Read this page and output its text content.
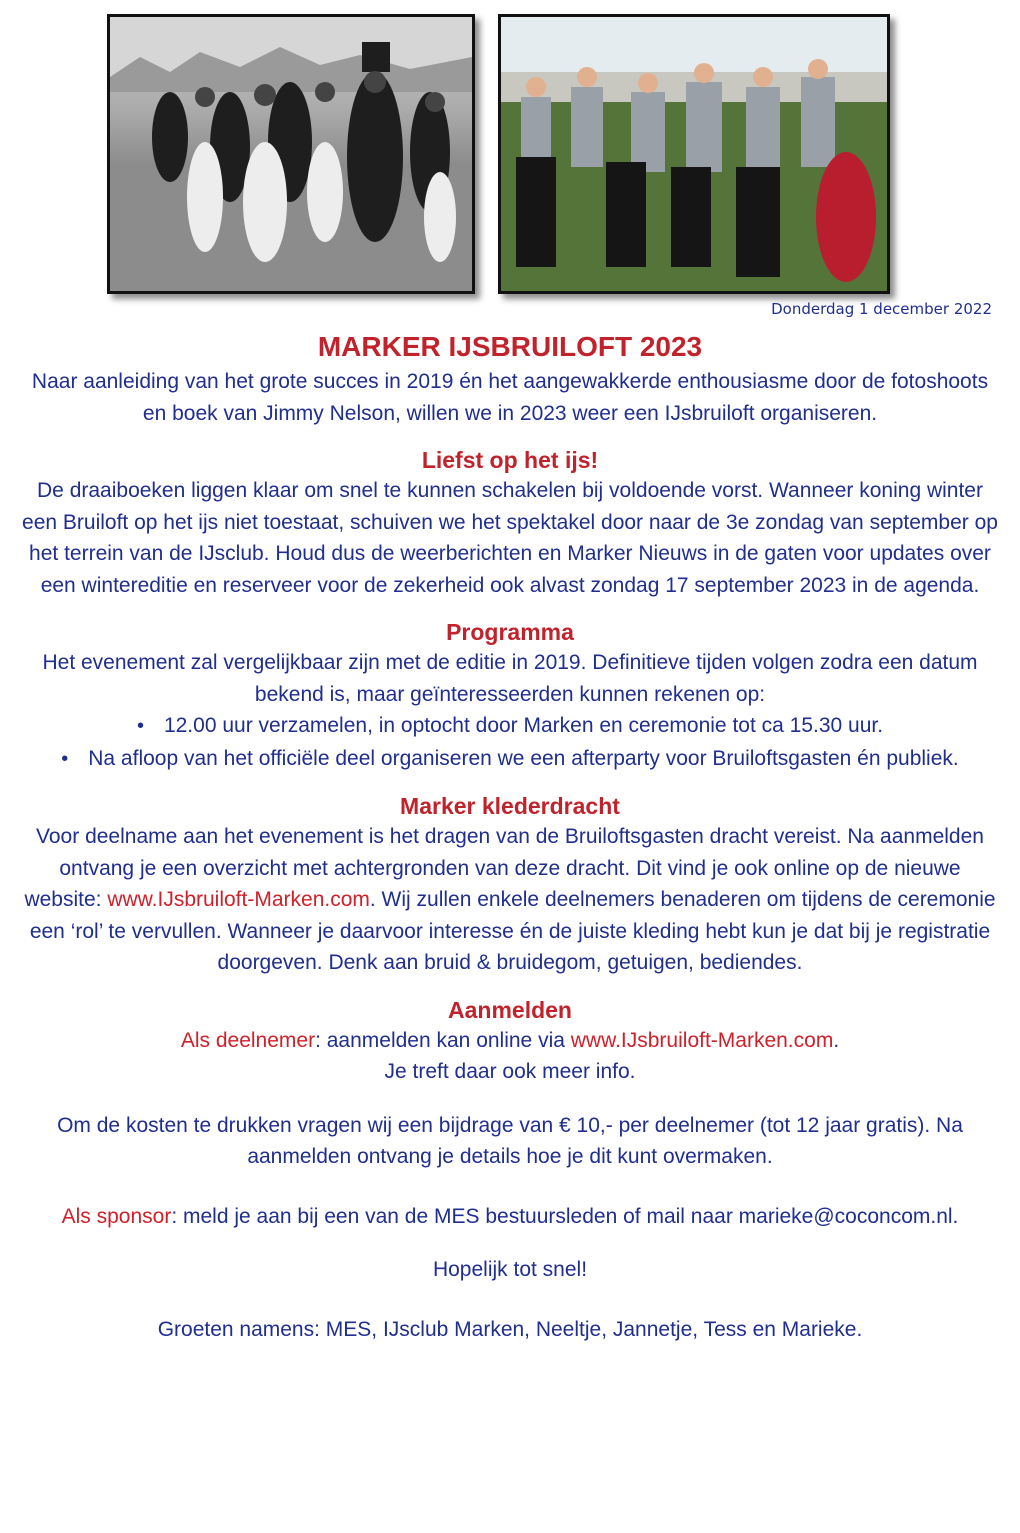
Donderdag 1 december 2022
MARKER IJSBRUILOFT 2023

Naar aanleiding van het grote succes in 2019 én het aangewakkerde enthousiasme door de fotoshoots en boek van Jimmy Nelson, willen we in 2023 weer een IJsbruiloft organiseren.

Liefst op het ijs!

De draaiboeken liggen klaar om snel te kunnen schakelen bij voldoende vorst. Wanneer koning winter een Bruiloft op het ijs niet toestaat, schuiven we het spektakel door naar de 3e zondag van september op het terrein van de IJsclub. Houd dus de weerberichten en Marker Nieuws in de gaten voor updates over een wintereditie en reserveer voor de zekerheid ook alvast zondag 17 september 2023 in de agenda.

Programma

Het evenement zal vergelijkbaar zijn met de editie in 2019. Definitieve tijden volgen zodra een datum bekend is, maar geïnteresseerden kunnen rekenen op:

• 12.00 uur verzamelen, in optocht door Marken en ceremonie tot ca 15.30 uur.
• Na afloop van het officiële deel organiseren we een afterparty voor Bruiloftsgasten én publiek.
Marker klederdracht

Voor deelname aan het evenement is het dragen van de Bruiloftsgasten dracht vereist. Na aanmelden ontvang je een overzicht met achtergronden van deze dracht. Dit vind je ook online op de nieuwe website: www.IJsbruiloft-Marken.com. Wij zullen enkele deelnemers benaderen om tijdens de ceremonie een ‘rol’ te vervullen. Wanneer je daarvoor interesse én de juiste kleding hebt kun je dat bij je registratie doorgeven. Denk aan bruid & bruidegom, getuigen, bediendes.

Aanmelden

Als deelnemer: aanmelden kan online via www.IJsbruiloft-Marken.com.
Je treft daar ook meer info.

Om de kosten te drukken vragen wij een bijdrage van € 10,- per deelnemer (tot 12 jaar gratis). Na aanmelden ontvang je details hoe je dit kunt overmaken.

Als sponsor: meld je aan bij een van de MES bestuursleden of mail naar marieke@coconcom.nl.

Hopelijk tot snel!

Groeten namens: MES, IJsclub Marken, Neeltje, Jannetje, Tess en Marieke.
